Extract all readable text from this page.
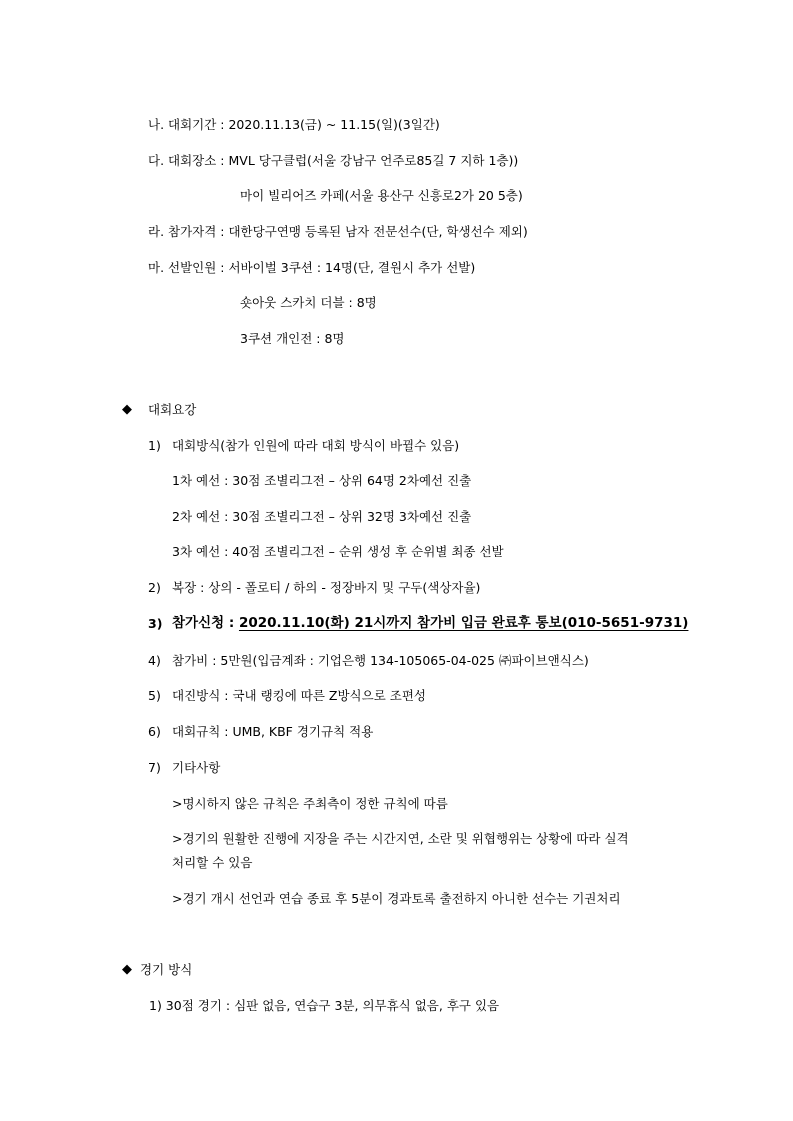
나. 대회기간 : 2020.11.13(금) ~ 11.15(일)(3일간)
다. 대회장소 : MVL 당구클럽(서울 강남구 언주로85길 7 지하 1층))
마이 빌리어즈 카페(서울 용산구 신흥로2가 20 5층)
라. 참가자격 : 대한당구연맹 등록된 남자 전문선수(단, 학생선수 제외)
마. 선발인원 : 서바이벌 3쿠션 : 14명(단, 결원시 추가 선발)
숏아웃 스카치 더블 : 8명
3쿠션 개인전 : 8명
◆ 대회요강
1) 대회방식(참가 인원에 따라 대회 방식이 바뀔수 있음)
1차 예선 : 30점 조별리그전 – 상위 64명 2차예선 진출
2차 예선 : 30점 조별리그전 – 상위 32명 3차예선 진출
3차 예선 : 40점 조별리그전 – 순위 생성 후 순위별 최종 선발
2) 복장 : 상의 - 폴로티 / 하의 - 정장바지 및 구두(색상자율)
3) 참가신청 : 2020.11.10(화) 21시까지 참가비 입금 완료후 통보(010-5651-9731)
4) 참가비 : 5만원(입금계좌 : 기업은행 134-105065-04-025 ㈜파이브앤식스)
5) 대진방식 : 국내 랭킹에 따른 Z방식으로 조편성
6) 대회규칙 : UMB, KBF 경기규칙 적용
7) 기타사항
>명시하지 않은 규칙은 주최측이 정한 규칙에 따름
>경기의 원활한 진행에 지장을 주는 시간지연, 소란 및 위협행위는 상황에 따라 실격
처리할 수 있음
>경기 개시 선언과 연습 종료 후 5분이 경과토록 출전하지 아니한 선수는 기권처리
◆ 경기 방식
1) 30점 경기 : 심판 없음, 연습구 3분, 의무휴식 없음, 후구 있음
